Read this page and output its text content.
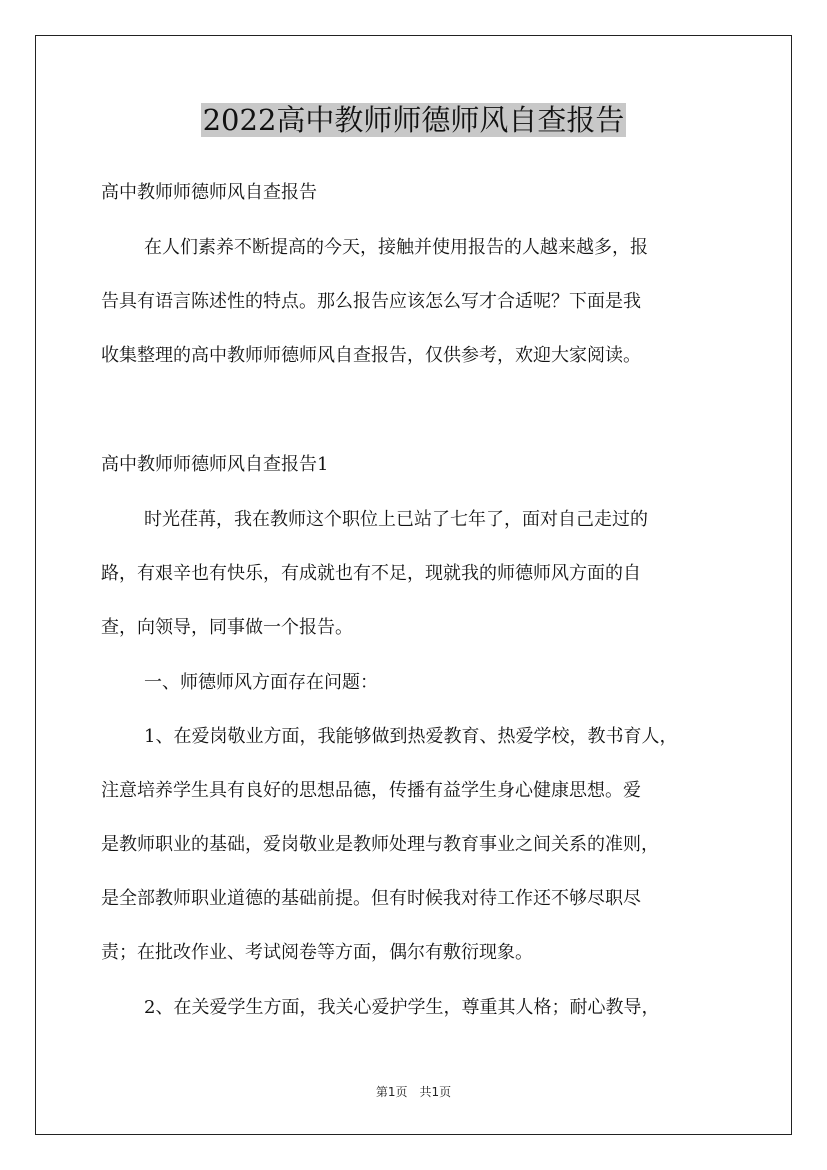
2022高中教师师德师风自查报告

高中教师师德师风自查报告

在人们素养不断提高的今天，接触并使用报告的人越来越多，报

告具有语言陈述性的特点。那么报告应该怎么写才合适呢？下面是我

收集整理的高中教师师德师风自查报告，仅供参考，欢迎大家阅读。

高中教师师德师风自查报告1

时光荏苒，我在教师这个职位上已站了七年了，面对自己走过的

路，有艰辛也有快乐，有成就也有不足，现就我的师德师风方面的自

查，向领导，同事做一个报告。

一、师德师风方面存在问题：

1、在爱岗敬业方面，我能够做到热爱教育、热爱学校，教书育人，

注意培养学生具有良好的思想品德，传播有益学生身心健康思想。爱

是教师职业的基础，爱岗敬业是教师处理与教育事业之间关系的准则，

是全部教师职业道德的基础前提。但有时候我对待工作还不够尽职尽

责；在批改作业、考试阅卷等方面，偶尔有敷衍现象。

2、在关爱学生方面，我关心爱护学生，尊重其人格；耐心教导，

第1页　共1页
